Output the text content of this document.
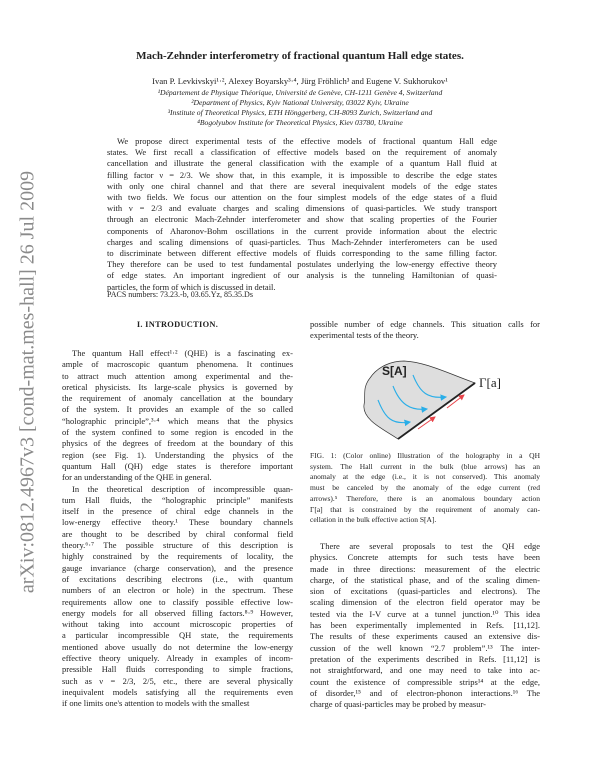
arXiv:0812.4967v3 [cond-mat.mes-hall] 26 Jul 2009
Mach-Zehnder interferometry of fractional quantum Hall edge states.
Ivan P. Levkivskyi¹·², Alexey Boyarsky³·⁴, Jürg Fröhlich³ and Eugene V. Sukhorukov¹
¹Département de Physique Théorique, Université de Genève, CH-1211 Genève 4, Switzerland
²Department of Physics, Kyiv National University, 03022 Kyiv, Ukraine
³Institute of Theoretical Physics, ETH Hönggerberg, CH-8093 Zurich, Switzerland and
⁴Bogolyubov Institute for Theoretical Physics, Kiev 03780, Ukraine
We propose direct experimental tests of the effective models of fractional quantum Hall edge
states. We first recall a classification of effective models based on the requirement of anomaly
cancellation and illustrate the general classification with the example of a quantum Hall fluid at
filling factor ν = 2/3. We show that, in this example, it is impossible to describe the edge states
with only one chiral channel and that there are several inequivalent models of the edge states
with two fields. We focus our attention on the four simplest models of the edge states of a fluid
with ν = 2/3 and evaluate charges and scaling dimensions of quasi-particles. We study transport
through an electronic Mach-Zehnder interferometer and show that scaling properties of the Fourier
components of Aharonov-Bohm oscillations in the current provide information about the electric
charges and scaling dimensions of quasi-particles. Thus Mach-Zehnder interferometers can be used
to discriminate between different effective models of fluids corresponding to the same filling factor.
They therefore can be used to test fundamental postulates underlying the low-energy effective theory
of edge states. An important ingredient of our analysis is the tunneling Hamiltonian of quasi-
particles, the form of which is discussed in detail.
PACS numbers: 73.23.-b, 03.65.Yz, 85.35.Ds
I. INTRODUCTION.
The quantum Hall effect¹·² (QHE) is a fascinating ex-
ample of macroscopic quantum phenomena. It continues
to attract much attention among experimental and the-
oretical physicists. Its large-scale physics is governed by
the requirement of anomaly cancellation at the boundary
of the system. It provides an example of the so called
“holographic principle”,³·⁴ which means that the physics
of the system confined to some region is encoded in the
physics of the degrees of freedom at the boundary of this
region (see Fig. 1). Understanding the physics of the
quantum Hall (QH) edge states is therefore important
for an understanding of the QHE in general.
In the theoretical description of incompressible quan-
tum Hall fluids, the “holographic principle” manifests
itself in the presence of chiral edge channels in the
low-energy effective theory.¹ These boundary channels
are thought to be described by chiral conformal field
theory.⁶·⁷ The possible structure of this description is
highly constrained by the requirements of locality, the
gauge invariance (charge conservation), and the presence
of excitations describing electrons (i.e., with quantum
numbers of an electron or hole) in the spectrum. These
requirements allow one to classify possible effective low-
energy models for all observed filling factors.⁸·⁹ However,
without taking into account microscopic properties of
a particular incompressible QH state, the requirements
mentioned above usually do not determine the low-energy
effective theory uniquely. Already in examples of incom-
pressible Hall fluids corresponding to simple fractions,
such as ν = 2/3, 2/5, etc., there are several physically
inequivalent models satisfying all the requirements even
if one limits one's attention to models with the smallest
possible number of edge channels. This situation calls for
experimental tests of the theory.
S[A]
Γ[a]
FIG. 1: (Color online) Illustration of the holography in a QH
system. The Hall current in the bulk (blue arrows) has an
anomaly at the edge (i.e., it is not conserved). This anomaly
must be canceled by the anomaly of the edge current (red
arrows).⁵ Therefore, there is an anomalous boundary action
Γ[a] that is constrained by the requirement of anomaly can-
cellation in the bulk effective action S[A].
There are several proposals to test the QH edge
physics. Concrete attempts for such tests have been
made in three directions: measurement of the electric
charge, of the statistical phase, and of the scaling dimen-
sion of excitations (quasi-particles and electrons). The
scaling dimension of the electron field operator may be
tested via the I-V curve at a tunnel junction.¹⁰ This idea
has been experimentally implemented in Refs. [11,12].
The results of these experiments caused an extensive dis-
cussion of the well known “2.7 problem”.¹³ The inter-
pretation of the experiments described in Refs. [11,12] is
not straightforward, and one may need to take into ac-
count the existence of compressible strips¹⁴ at the edge,
of disorder,¹⁵ and of electron-phonon interactions.¹⁶ The
charge of quasi-particles may be probed by measur-
